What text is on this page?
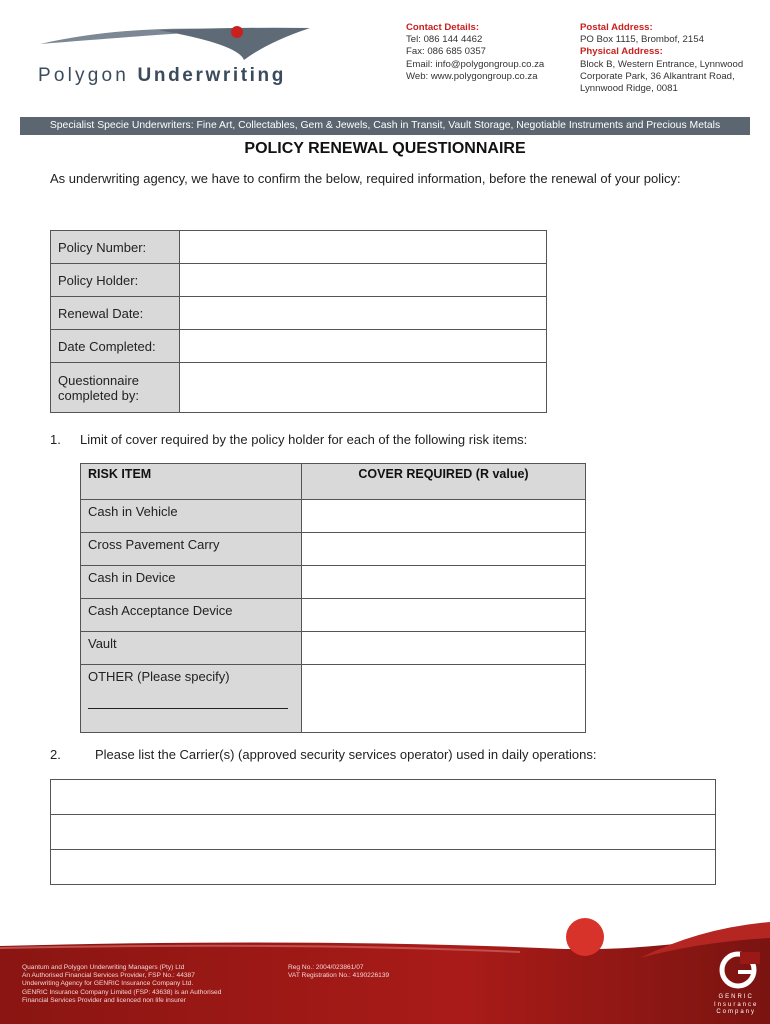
Polygon Underwriting
Contact Details:
Tel: 086 144 4462
Fax: 086 685 0357
Email: info@polygongroup.co.za
Web: www.polygongroup.co.za
Postal Address:
PO Box 1115, Brombof, 2154
Physical Address:
Block B, Western Entrance, Lynnwood
Corporate Park, 36 Alkantrant Road,
Lynnwood Ridge, 0081
Specialist Specie Underwriters: Fine Art, Collectables, Gem & Jewels, Cash in Transit, Vault Storage, Negotiable Instruments and Precious Metals
POLICY RENEWAL QUESTIONNAIRE
As underwriting agency, we have to confirm the below, required information, before the renewal of your policy:
Policy Number:	
Policy Holder:	
Renewal Date:	
Date Completed:	

Questionnaire
completed by:	

1. Limit of cover required by the policy holder for each of the following risk items:
RISK ITEM	COVER REQUIRED (R value)

Cash in Vehicle	

Cross Pavement Carry	

Cash in Device	

Cash Acceptance Device	

Vault	

OTHER (Please specify)	

2.	Please list the Carrier(s) (approved security services operator) used in daily operations:

Quantum and Polygon Underwriting Managers (Pty) Ltd
An Authorised Financial Services Provider, FSP No.: 44387
Underwriting Agency for GENRIC Insurance Company Ltd.
GENRIC Insurance Company Limited (FSP: 43638) is an Authorised
Financial Services Provider and licenced non life insurer
Reg No.: 2004/023861/07
VAT Registration No.: 4190226139
GENRIC
Insurance
Company
